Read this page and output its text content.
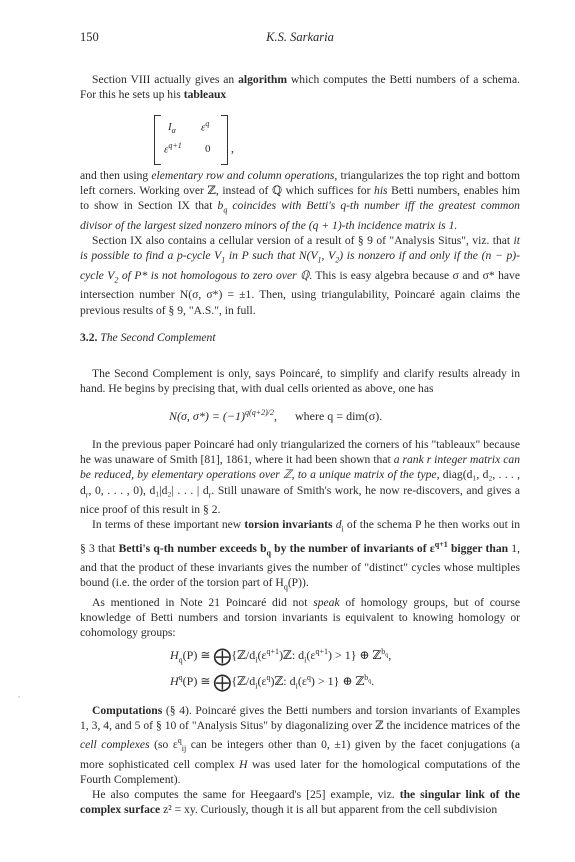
150	K.S. Sarkaria

Section VIII actually gives an algorithm which computes the Betti numbers of a schema. For this he sets up his tableaux

$I_\alpha$ $\varepsilon^q$
$\varepsilon^{q+1}$ 0 ,

and then using elementary row and column operations, triangularizes the top right and bottom left corners. Working over ℤ, instead of ℚ which suffices for his Betti numbers, enables him to show in Section IX that $b_q$ coincides with Betti's q-th number iff the greatest common divisor of the largest sized nonzero minors of the (q + 1)-th incidence matrix is 1.

Section IX also contains a cellular version of a result of § 9 of "Analysis Situs", viz. that it is possible to find a p-cycle $V_1$ in P such that $N(V_1$, $V_2$) is nonzero if and only if the (n − p)-cycle $V_2$ of P* is not homologous to zero over ℚ. This is easy algebra because σ and σ* have intersection number N(σ, σ*) = ±1. Then, using triangulability, Poincaré again claims the previous results of § 9, "A.S.", in full.

3.2. The Second Complement

The Second Complement is only, says Poincaré, to simplify and clarify results already in hand. He begins by precising that, with dual cells oriented as above, one has

N(σ, $\sigma*) = (-1)^{q(q+2)/2}$, where q = dim(σ).

In the previous paper Poincaré had only triangularized the corners of his "tableaux" because he was unaware of Smith [81], 1861, where it had been shown that a rank r integer matrix can be reduced, by elementary operations over ℤ, to a unique matrix of the type, diag(d₁, d₂, . . . , $d_r$, 0, . . . , 0), d₁|d₂| . . . | $d_r$. Still unaware of Smith's work, he now re-discovers, and gives a nice proof of this result in § 2.

In terms of these important new torsion invariants $d_i$ of the schema P he then works out in § 3 that Betti's q-th number exceeds $b_q$ by the number of invariants of $\varepsilon^{q+1}$ bigger than 1, and that the product of these invariants gives the number of "distinct" cycles whose multiples bound (i.e. the order of the torsion part of $H_q(P)$).

As mentioned in Note 21 Poincaré did not speak of homology groups, but of course knowledge of Betti numbers and torsion invariants is equivalent to knowing homology or cohomology groups:

$H_q(P)$ ≅ $⨁\{ℤ/d_i(\varepsilon^{q+1})ℤ$: $d_i(\varepsilon^{q+1}) > 1$} ⊕ ℤ$^{b_q}$,
$H^q(P)$ ≅ $⨁\{ℤ/d_i(\varepsilon^q)ℤ$: $d_i(\varepsilon^q) > 1$} ⊕ ℤ$^{b_q}$.
,

Computations (§ 4). Poincaré gives the Betti numbers and torsion invariants of Examples 1, 3, 4, and 5 of § 10 of "Analysis Situs" by diagonalizing over ℤ the incidence matrices of the cell complexes (so $\varepsilon^q_{ij}$ can be integers other than 0, ±1) given by the facet conjugations (a more sophisticated cell complex H was used later for the homological computations of the Fourth Complement).

He also computes the same for Heegaard's [25] example, viz. the singular link of the complex surface z² = xy. Curiously, though it is all but apparent from the cell subdivision
